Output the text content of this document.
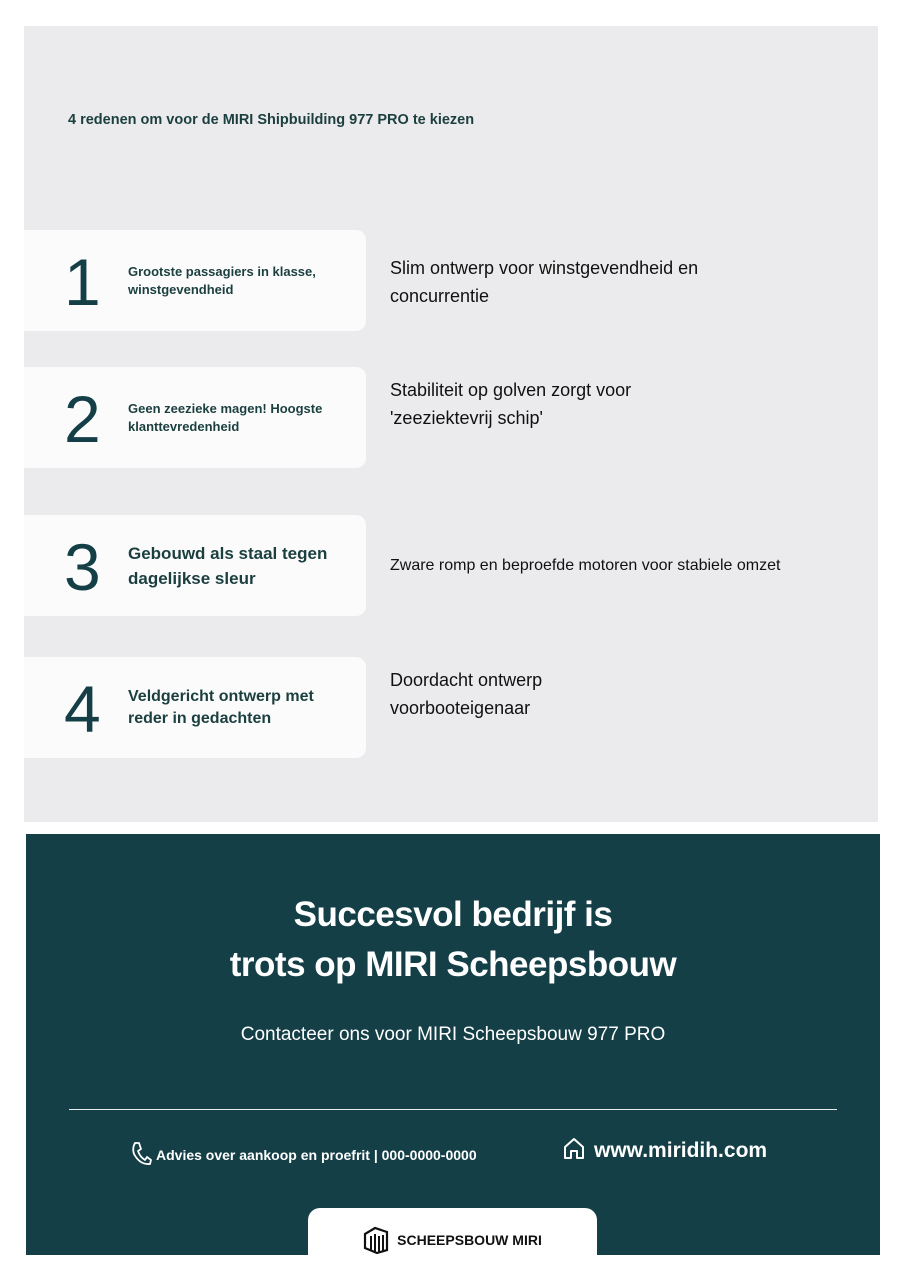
4 redenen om voor de MIRI Shipbuilding 977 PRO te kiezen
1 Grootste passagiers in klasse, winstgevendheid
Slim ontwerp voor winstgevendheid en concurrentie
2 Geen zeezieke magen! Hoogste klanttevredenheid
Stabiliteit op golven zorgt voor 'zeeziektevrij schip'
3 Gebouwd als staal tegen dagelijkse sleur
Zware romp en beproefde motoren voor stabiele omzet
4 Veldgericht ontwerp met reder in gedachten
Doordacht ontwerp voorbooteigenaar
Succesvol bedrijf is
trots op MIRI Scheepsbouw
Contacteer ons voor MIRI Scheepsbouw 977 PRO
Advies over aankoop en proefrit | 000-0000-0000	www.miridih.com
SCHEEPSBOUW MIRI
